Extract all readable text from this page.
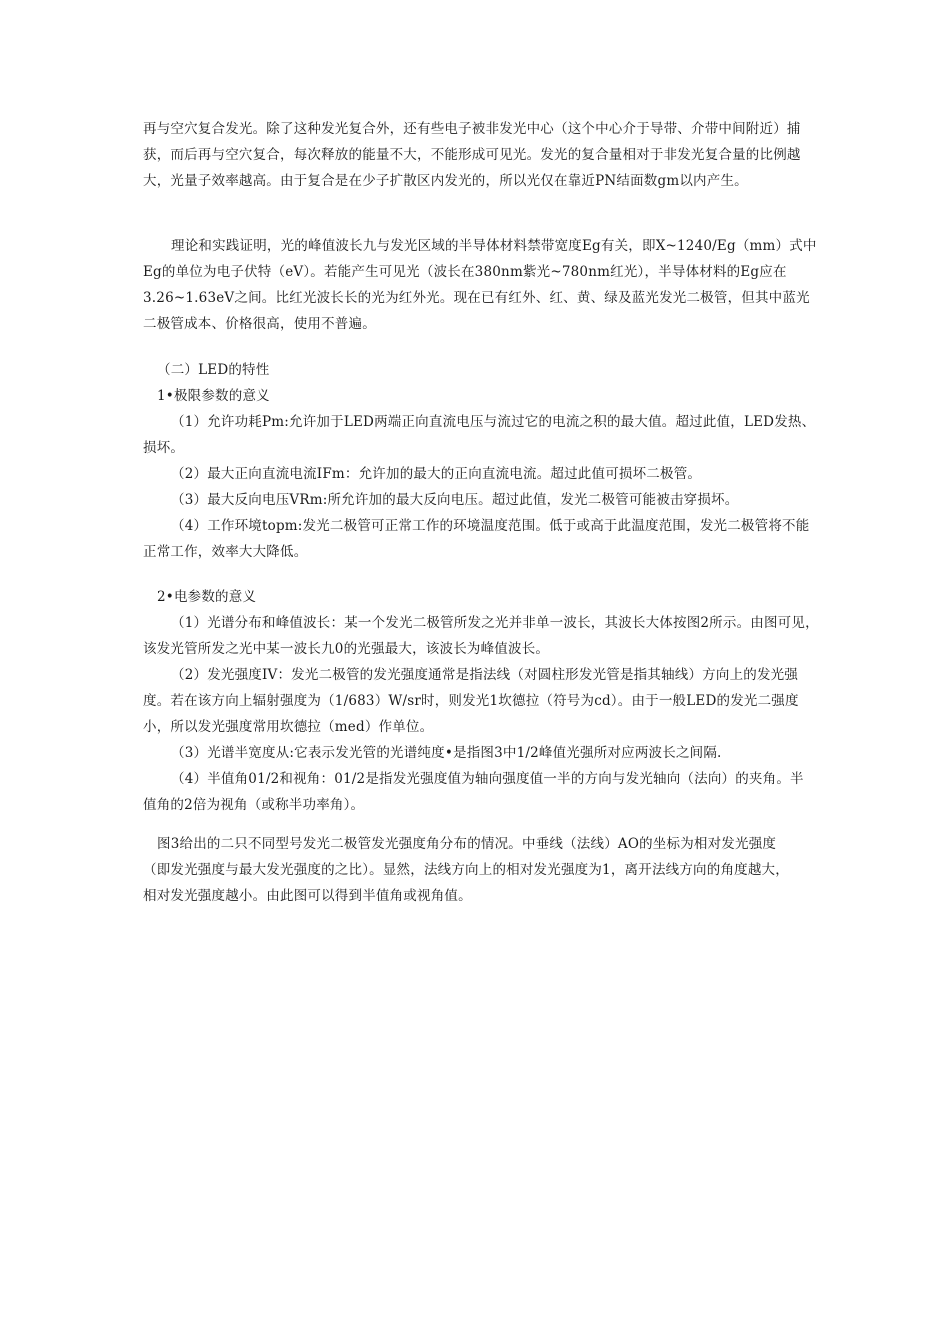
再与空穴复合发光。除了这种发光复合外，还有些电子被非发光中心（这个中心介于导带、介带中间附近）捕
获，而后再与空穴复合，每次释放的能量不大，不能形成可见光。发光的复合量相对于非发光复合量的比例越
大，光量子效率越高。由于复合是在少子扩散区内发光的，所以光仅在靠近PN结面数gm以内产生。
理论和实践证明，光的峰值波长九与发光区域的半导体材料禁带宽度Eg有关，即X~1240/Eg（mm）式中
Eg的单位为电子伏特（eV）。若能产生可见光（波长在380nm紫光~780nm红光），半导体材料的Eg应在
3.26~1.63eV之间。比红光波长长的光为红外光。现在已有红外、红、黄、绿及蓝光发光二极管，但其中蓝光
二极管成本、价格很高，使用不普遍。
（二）LED的特性
1•极限参数的意义
（1）允许功耗Pm:允许加于LED两端正向直流电压与流过它的电流之积的最大值。超过此值，LED发热、
损坏。
（2）最大正向直流电流IFm：允许加的最大的正向直流电流。超过此值可损坏二极管。
（3）最大反向电压VRm:所允许加的最大反向电压。超过此值，发光二极管可能被击穿损坏。
（4）工作环境topm:发光二极管可正常工作的环境温度范围。低于或高于此温度范围，发光二极管将不能
正常工作，效率大大降低。
2•电参数的意义
（1）光谱分布和峰值波长：某一个发光二极管所发之光并非单一波长，其波长大体按图2所示。由图可见，
该发光管所发之光中某一波长九0的光强最大，该波长为峰值波长。
（2）发光强度IV：发光二极管的发光强度通常是指法线（对圆柱形发光管是指其轴线）方向上的发光强
度。若在该方向上辐射强度为（1/683）W/sr时，则发光1坎德拉（符号为cd）。由于一般LED的发光二强度
小，所以发光强度常用坎德拉（med）作单位。
（3）光谱半宽度从:它表示发光管的光谱纯度•是指图3中1/2峰值光强所对应两波长之间隔.
（4）半值角01/2和视角：01/2是指发光强度值为轴向强度值一半的方向与发光轴向（法向）的夹角。半
值角的2倍为视角（或称半功率角）。
图3给出的二只不同型号发光二极管发光强度角分布的情况。中垂线（法线）AO的坐标为相对发光强度
（即发光强度与最大发光强度的之比）。显然，法线方向上的相对发光强度为1，离开法线方向的角度越大，
相对发光强度越小。由此图可以得到半值角或视角值。
